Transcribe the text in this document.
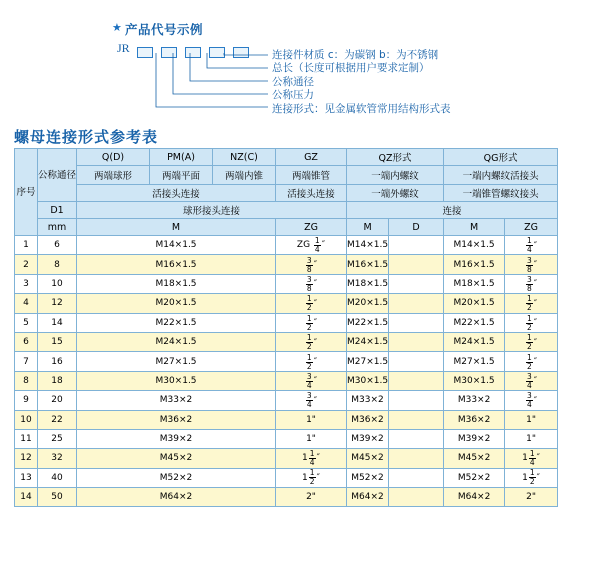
★ 产品代号示例
JR
	连接件材质 c：为碳钢 b：为不锈钢
总长（长度可根据用户要求定制）
公称通径
公称压力
连接形式：见金属软管常用结构形式表
螺母连接形式参考表
序号	公称通径	Q(D)	PM(A)	NZ(C)	GZ	QZ形式		QG形式	
		两端球形	两端平面	两端内锥	两端锥管	一端内螺纹		一端内螺纹活接头	
		活接头连接			活接头连接	一端外螺纹		一端锥管螺纹接头	
	D1	球形接头连接				连接			
	mm	M			ZG	M	D	M	ZG
1	6	M14×1.5			ZG $\frac{1}{4}$ ″	M14×1.5		M14×1.5	$\frac{1}{4}$ ″

2	8	M16×1.5			$\frac{3}{8}$ ″	M16×1.5		M16×1.5	$\frac{3}{8}$ ″

3	10	M18×1.5			$\frac{3}{8}$ ″	M18×1.5		M18×1.5	$\frac{3}{8}$ ″

4	12	M20×1.5			$\frac{1}{2}$ ″	M20×1.5		M20×1.5	$\frac{1}{2}$ ″

5	14	M22×1.5			$\frac{1}{2}$ ″	M22×1.5		M22×1.5	$\frac{1}{2}$ ″

6	15	M24×1.5			$\frac{1}{2}$ ″	M24×1.5		M24×1.5	$\frac{1}{2}$ ″

7	16	M27×1.5			$\frac{1}{2}$ ″	M27×1.5		M27×1.5	$\frac{1}{2}$ ″

8	18	M30×1.5			$\frac{3}{4}$ ″	M30×1.5		M30×1.5	$\frac{3}{4}$ ″

9	20	M33×2			$\frac{3}{4}$ ″	M33×2		M33×2	$\frac{3}{4}$ ″

10	22	M36×2			1"	M36×2		M36×2	1"
11	25	M39×2			1"	M39×2		M39×2	1"
12	32	M45×2			$1 \frac{1}{4}$ ″	M45×2		M45×2	$1 \frac{1}{4}$ ″

13	40	M52×2			$1 \frac{1}{2}$ ″	M52×2		M52×2	$1 \frac{1}{2}$ ″

14	50	M64×2			2"	M64×2		M64×2	2"
